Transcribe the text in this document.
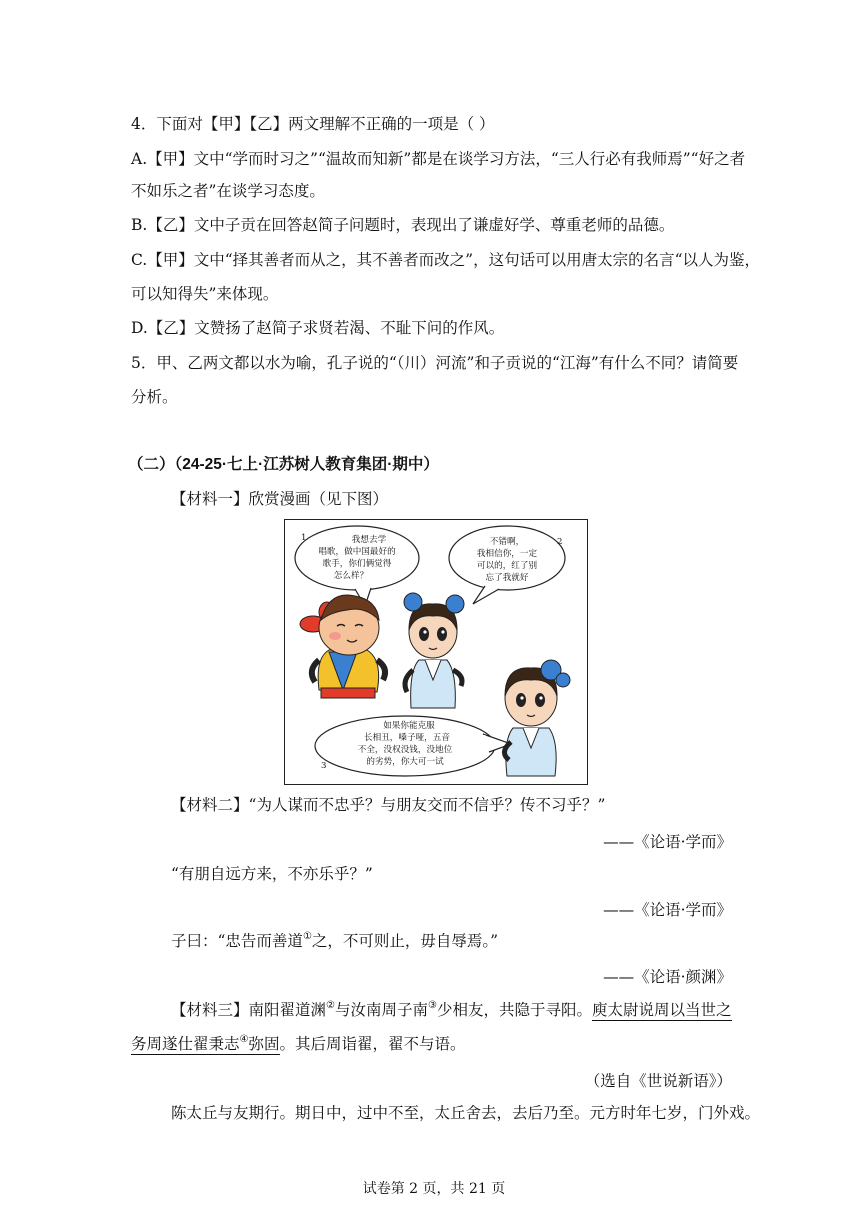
4．下面对【甲】【乙】两文理解不正确的一项是（ ）
A.【甲】文中“学而时习之”“温故而知新”都是在谈学习方法，“三人行必有我师焉”“好之者
不如乐之者”在谈学习态度。
B.【乙】文中子贡在回答赵简子问题时，表现出了谦虚好学、尊重老师的品德。
C.【甲】文中“择其善者而从之，其不善者而改之”，这句话可以用唐太宗的名言“以人为鉴，
可以知得失”来体现。
D.【乙】文赞扬了赵简子求贤若渴、不耻下问的作风。
5．甲、乙两文都以水为喻，孔子说的“（川）河流”和子贡说的“江海”有什么不同？请简要
分析。
（二）（24-25·七上·江苏树人教育集团·期中）
【材料一】欣赏漫画（见下图）
1	我想去学
唱歌，做中国最好的
歌手，你们俩觉得
怎么样？
2
不错啊，
我相信你，一定
可以的，红了别
忘了我就好
3
如果你能克服
长相丑，嗓子哑，五音
不全，没权没钱，没地位
的劣势，你大可一试
【材料二】“为人谋而不忠乎？与朋友交而不信乎？传不习乎？”
——《论语·学而》
“有朋自远方来，不亦乐乎？”
——《论语·学而》
子曰：“忠告而善道①之，不可则止，毋自辱焉。”
——《论语·颜渊》
【材料三】南阳翟道渊②与汝南周子南③少相友，共隐于寻阳。庾太尉说周以当世之
务周遂仕翟秉志④弥固。其后周诣翟，翟不与语。
（选自《世说新语》）
陈太丘与友期行。期日中，过中不至，太丘舍去，去后乃至。元方时年七岁，门外戏。
试卷第 2 页，共 21 页
